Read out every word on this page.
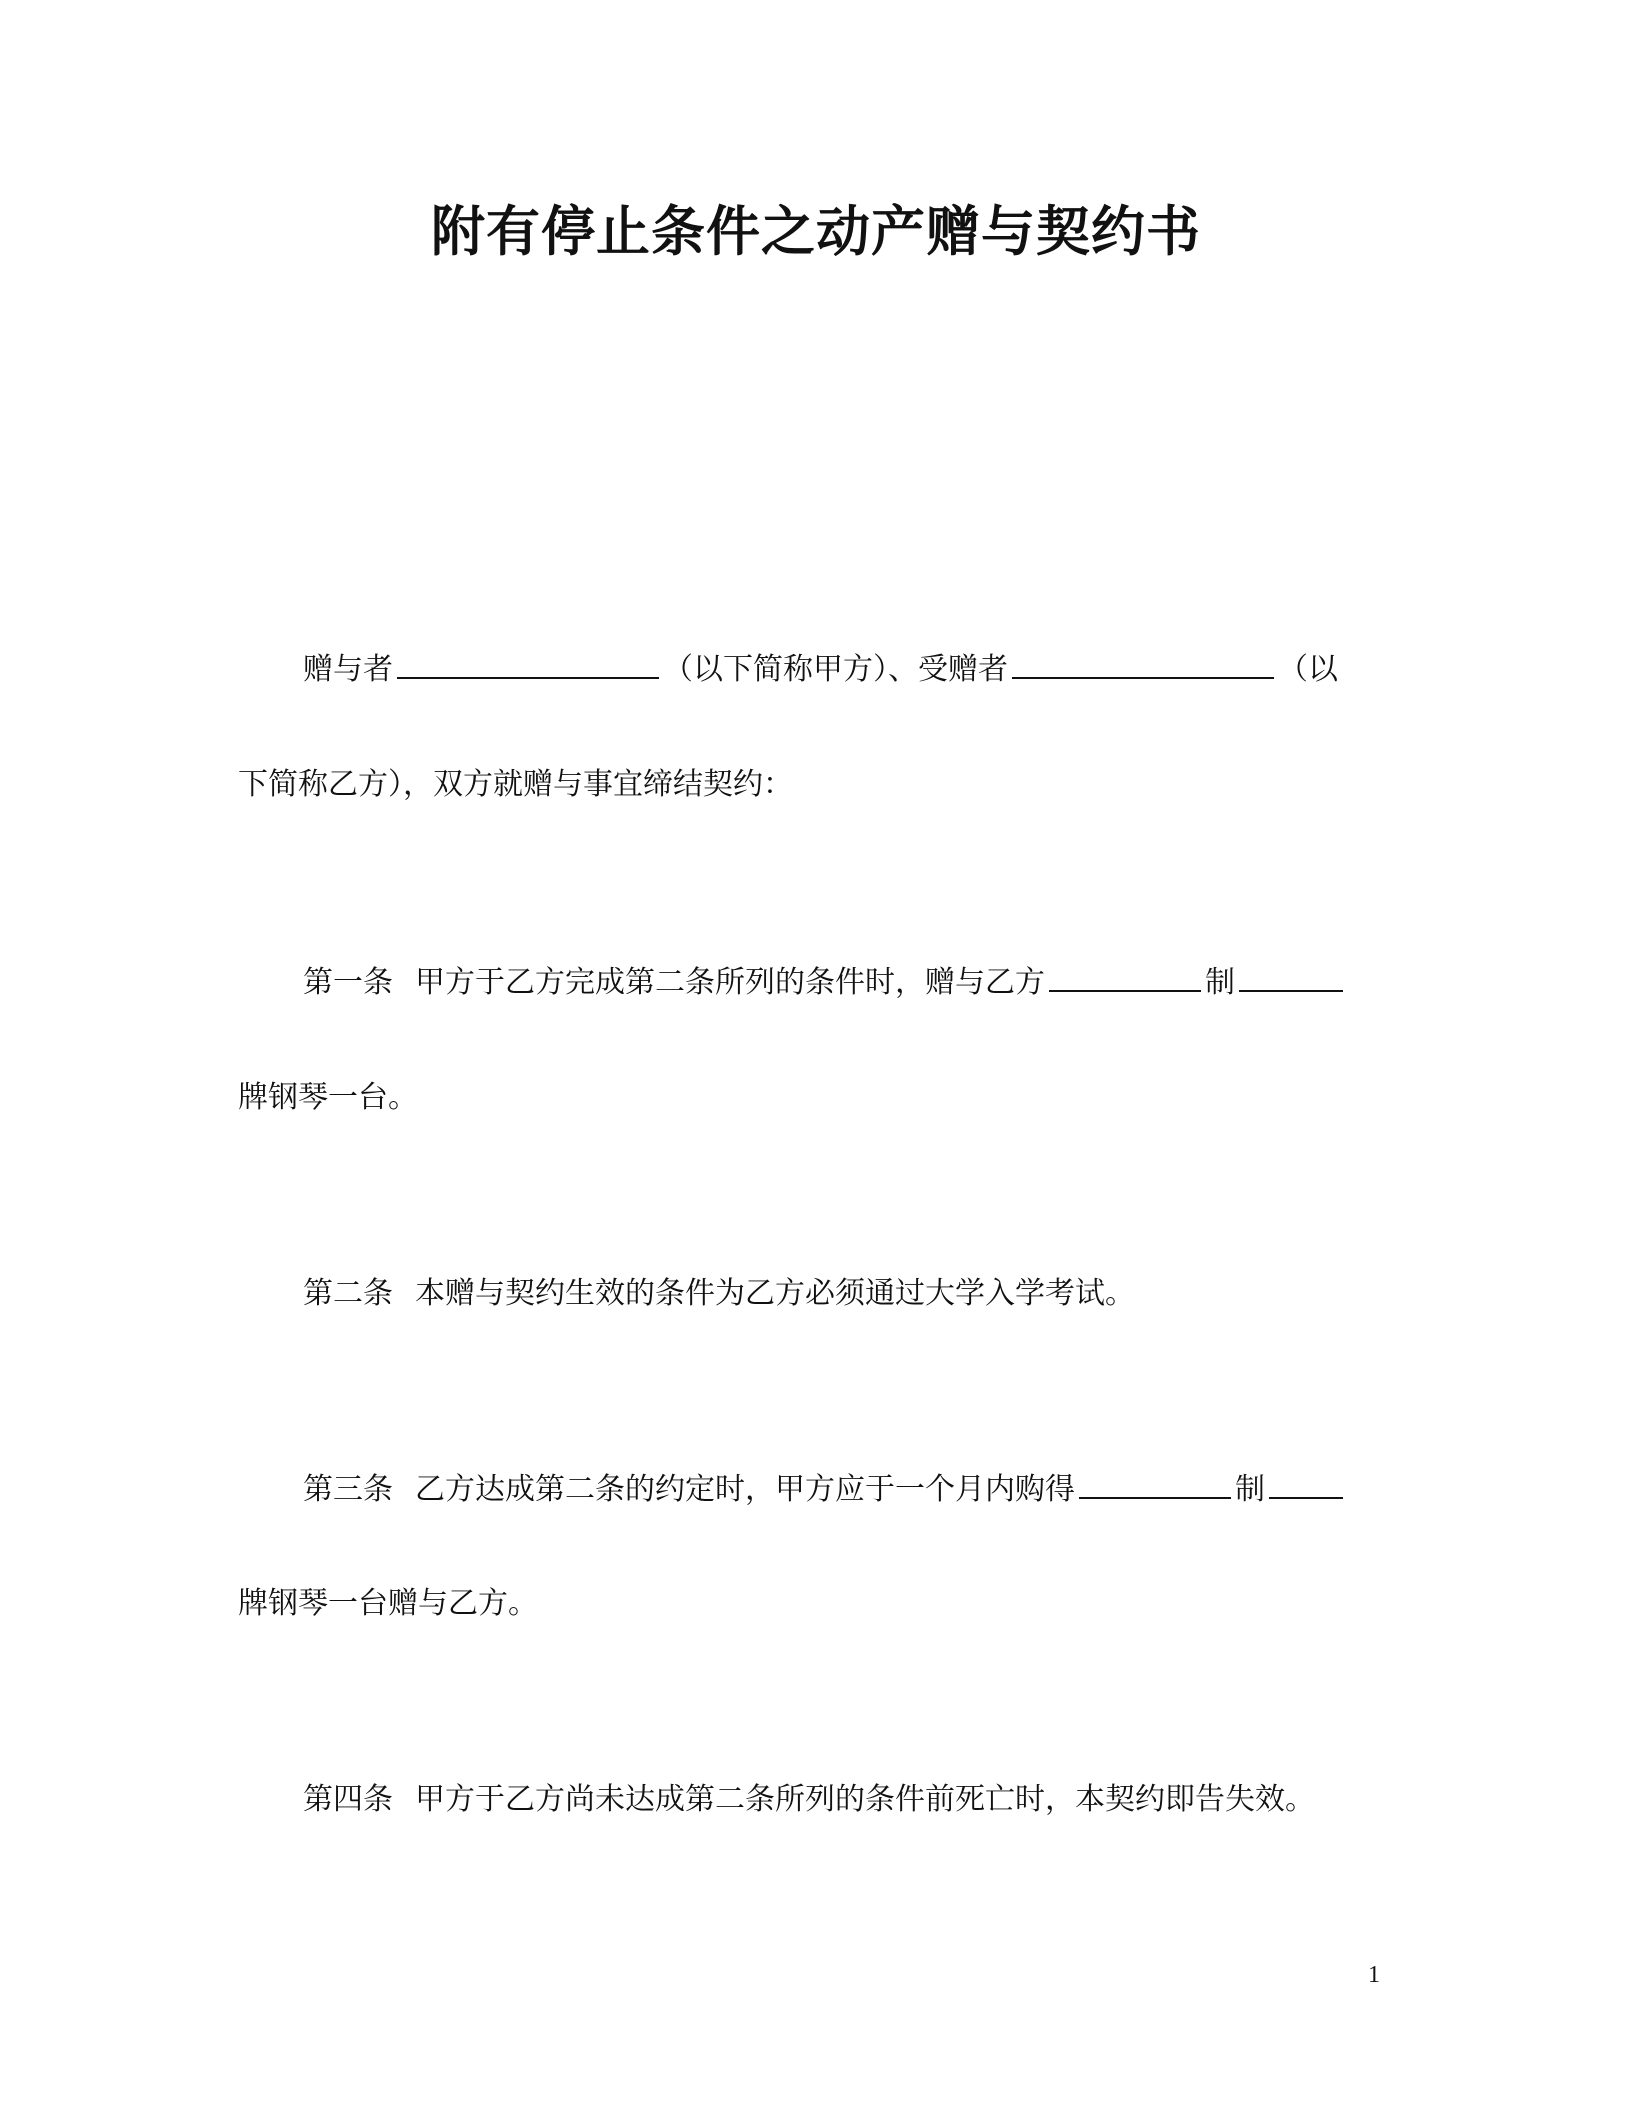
附有停止条件之动产赠与契约书
赠与者	（以下简称甲方）、受赠者	（以
下简称乙方），双方就赠与事宜缔结契约：
第一条 甲方于乙方完成第二条所列的条件时，赠与乙方	制
牌钢琴一台。
第二条 本赠与契约生效的条件为乙方必须通过大学入学考试。
第三条 乙方达成第二条的约定时，甲方应于一个月内购得	制
牌钢琴一台赠与乙方。
第四条 甲方于乙方尚未达成第二条所列的条件前死亡时，本契约即告失效。
1
